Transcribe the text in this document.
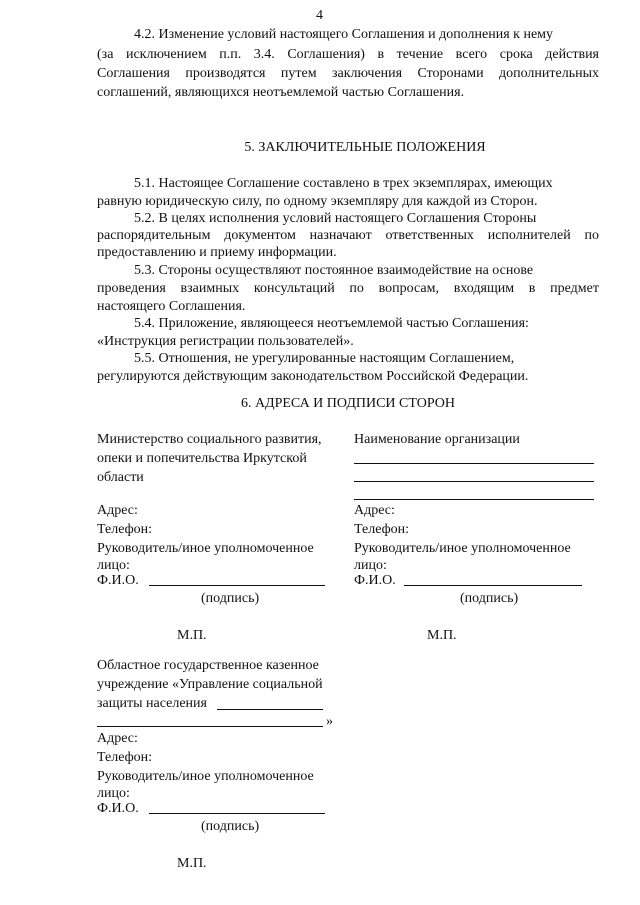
4
4.2. Изменение условий настоящего Соглашения и дополнения к нему
(за исключением п.п. 3.4. Соглашения) в течение всего срока действия
Соглашения производятся путем заключения Сторонами дополнительных
соглашений, являющихся неотъемлемой частью Соглашения.
5. ЗАКЛЮЧИТЕЛЬНЫЕ ПОЛОЖЕНИЯ
5.1. Настоящее Соглашение составлено в трех экземплярах, имеющих
равную юридическую силу, по одному экземпляру для каждой из Сторон.
5.2. В целях исполнения условий настоящего Соглашения Стороны
распорядительным документом назначают ответственных исполнителей по
предоставлению и приему информации.
5.3. Стороны осуществляют постоянное взаимодействие на основе
проведения взаимных консультаций по вопросам, входящим в предмет
настоящего Соглашения.
5.4. Приложение, являющееся неотъемлемой частью Соглашения:
«Инструкция регистрации пользователей».
5.5. Отношения, не урегулированные настоящим Соглашением,
регулируются действующим законодательством Российской Федерации.
6. АДРЕСА И ПОДПИСИ СТОРОН
Министерство социального развития,
опеки и попечительства Иркутской
области
Адрес:
Телефон:
Руководитель/иное уполномоченное
лицо:
Ф.И.О.
(подпись)
М.П.
Наименование организации
Адрес:
Телефон:
Руководитель/иное уполномоченное
лицо:
Ф.И.О.
(подпись)
М.П.
Областное государственное казенное
учреждение «Управление социальной
защиты населения
»
Адрес:
Телефон:
Руководитель/иное уполномоченное
лицо:
Ф.И.О.
(подпись)
М.П.
